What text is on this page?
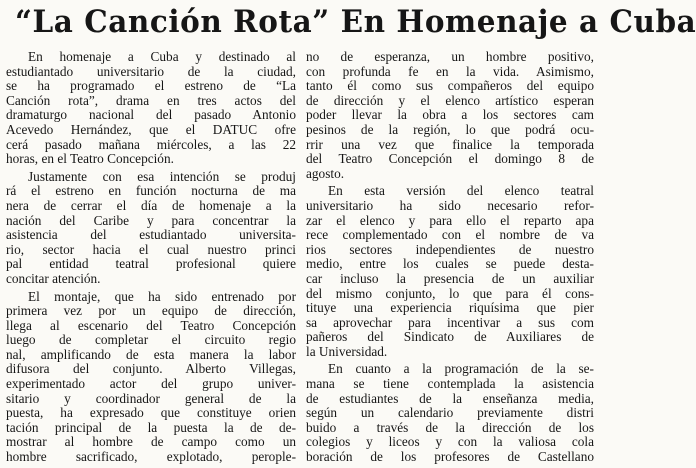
“La Canción Rota” En Homenaje a Cuba
En homenaje a Cuba y destinado al
estudiantado universitario de la ciudad,
se ha programado el estreno de “La
Canción rota”, drama en tres actos del
dramaturgo nacional del pasado Antonio
Acevedo Hernández, que el DATUC ofre
cerá pasado mañana miércoles, a las 22
horas, en el Teatro Concepción.
Justamente con esa intención se produj
rá el estreno en función nocturna de ma
nera de cerrar el día de homenaje a la
nación del Caribe y para concentrar la
asistencia del estudiantado universita-
rio, sector hacia el cual nuestro princi
pal entidad teatral profesional quiere
concitar atención.
El montaje, que ha sido entrenado por
primera vez por un equipo de dirección,
llega al escenario del Teatro Concepción
luego de completar el circuito regio
nal, amplificando de esta manera la labor
difusora del conjunto. Alberto Villegas,
experimentado actor del grupo univer-
sitario y coordinador general de la
puesta, ha expresado que constituye orien
tación principal de la puesta la de de-
mostrar al hombre de campo como un
hombre sacrificado, explotado, perople-
no de esperanza, un hombre positivo,
con profunda fe en la vida. Asimismo,
tanto él como sus compañeros del equipo
de dirección y el elenco artístico esperan
poder llevar la obra a los sectores cam
pesinos de la región, lo que podrá ocu-
rrir una vez que finalice la temporada
del Teatro Concepción el domingo 8 de
agosto.
En esta versión del elenco teatral
universitario ha sido necesario refor-
zar el elenco y para ello el reparto apa
rece complementado con el nombre de va
rios sectores independientes de nuestro
medio, entre los cuales se puede desta-
car incluso la presencia de un auxiliar
del mismo conjunto, lo que para él cons-
tituye una experiencia riquísima que pier
sa aprovechar para incentivar a sus com
pañeros del Sindicato de Auxiliares de
la Universidad.
En cuanto a la programación de la se-
mana se tiene contemplada la asistencia
de estudiantes de la enseñanza media,
según un calendario previamente distri
buido a través de la dirección de los
colegios y liceos y con la valiosa cola
boración de los profesores de Castellano
